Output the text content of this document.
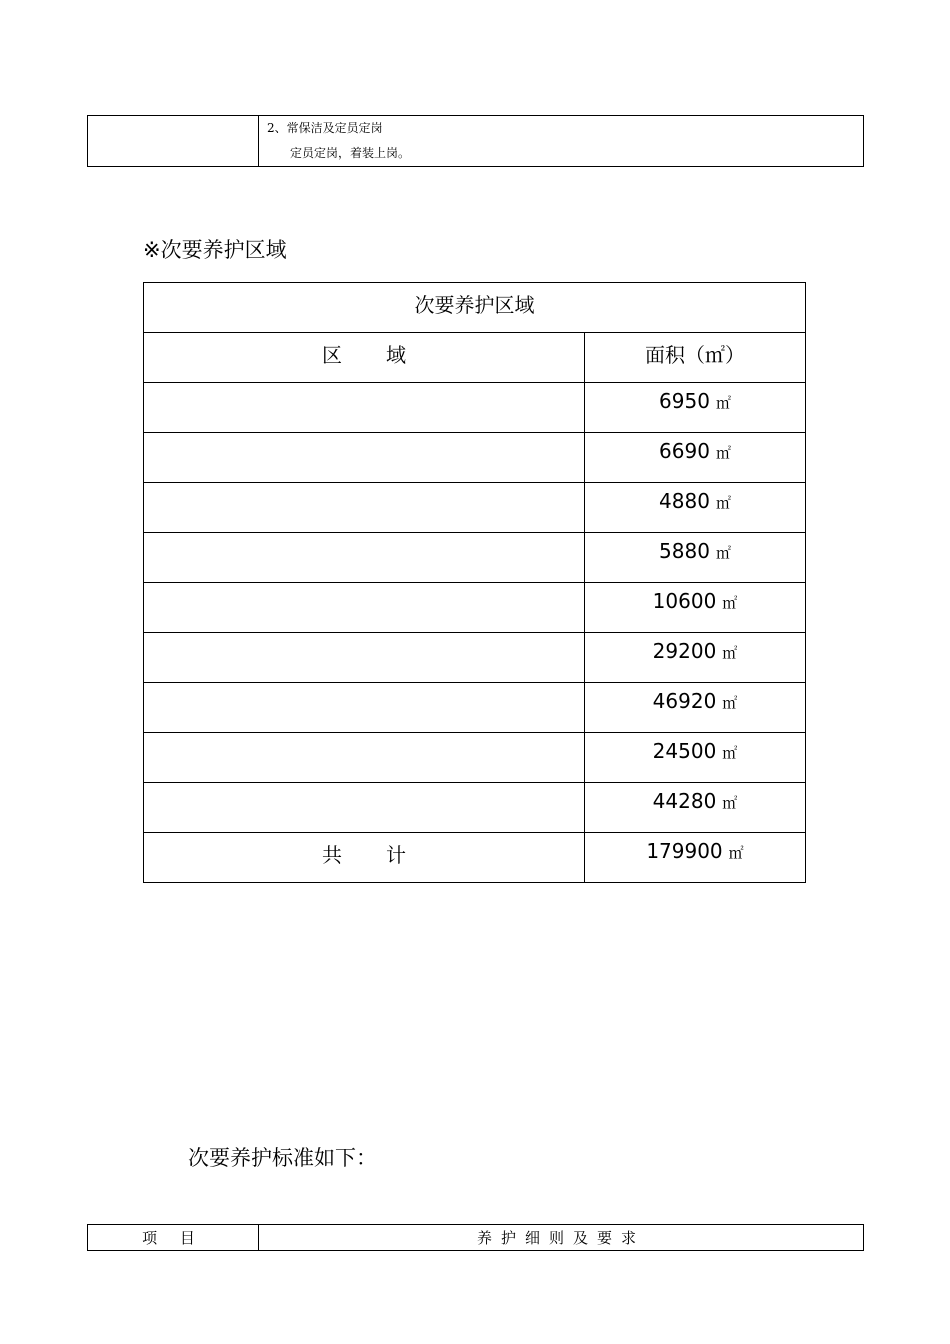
	2、常保洁及定员定岗
定员定岗，着装上岗。
※次要养护区域
次要养护区域	
区 域	面积（㎡）
	6950 ㎡
	6690 ㎡
	4880 ㎡
	5880 ㎡
	10600 ㎡
	29200 ㎡
	46920 ㎡
	24500 ㎡
	44280 ㎡
共 计	179900 ㎡
次要养护标准如下：
项 目	养护细则及要求
